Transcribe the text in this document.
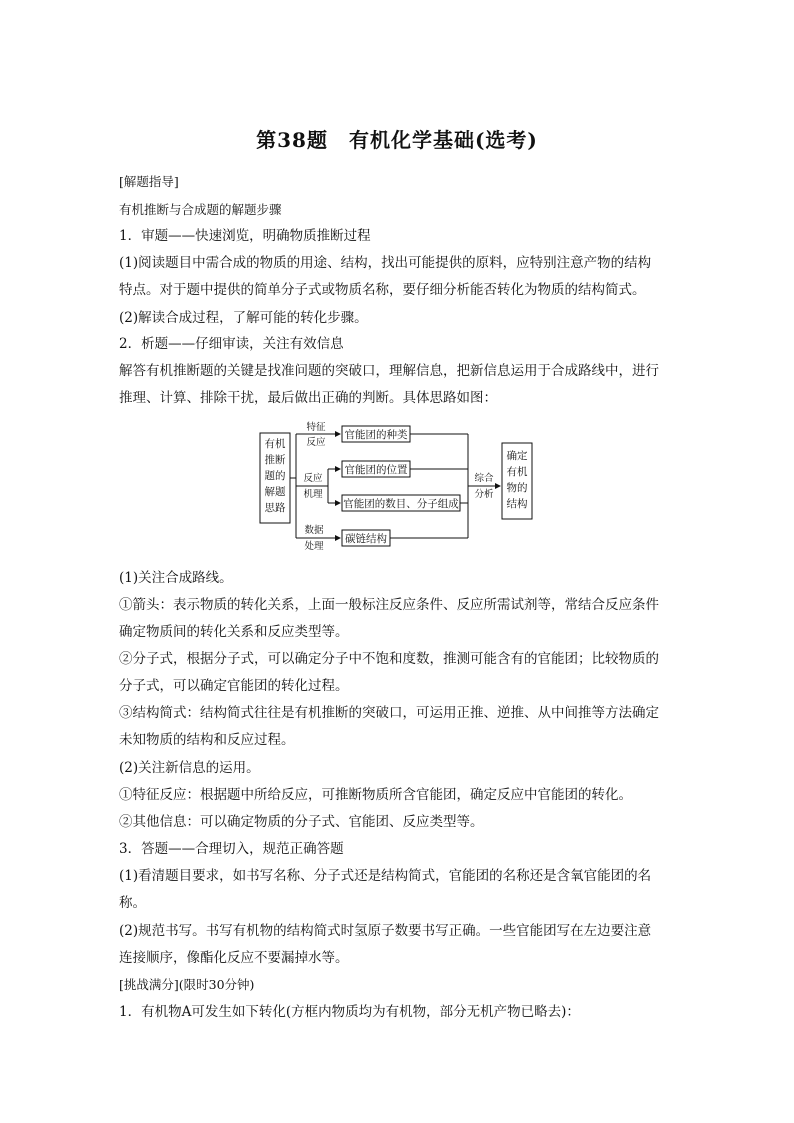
第38题　有机化学基础(选考)
[解题指导]
有机推断与合成题的解题步骤
1．审题——快速浏览，明确物质推断过程
(1)阅读题目中需合成的物质的用途、结构，找出可能提供的原料，应特别注意产物的结构
特点。对于题中提供的简单分子式或物质名称，要仔细分析能否转化为物质的结构简式。
(2)解读合成过程，了解可能的转化步骤。
2．析题——仔细审读，关注有效信息
解答有机推断题的关键是找准问题的突破口，理解信息，把新信息运用于合成路线中，进行
推理、计算、排除干扰，最后做出正确的判断。具体思路如图：
有机
推断
题的
解题
思路
特征
反应
官能团的种类
反应
机理
官能团的位置
官能团的数目、分子组成
数据
处理
碳链结构
综合
分析
确定
有机
物的
结构
(1)关注合成路线。
①箭头：表示物质的转化关系，上面一般标注反应条件、反应所需试剂等，常结合反应条件
确定物质间的转化关系和反应类型等。
②分子式，根据分子式，可以确定分子中不饱和度数，推测可能含有的官能团；比较物质的
分子式，可以确定官能团的转化过程。
③结构简式：结构简式往往是有机推断的突破口，可运用正推、逆推、从中间推等方法确定
未知物质的结构和反应过程。
(2)关注新信息的运用。
①特征反应：根据题中所给反应，可推断物质所含官能团，确定反应中官能团的转化。
②其他信息：可以确定物质的分子式、官能团、反应类型等。
3．答题——合理切入，规范正确答题
(1)看清题目要求，如书写名称、分子式还是结构简式，官能团的名称还是含氧官能团的名
称。
(2)规范书写。书写有机物的结构简式时氢原子数要书写正确。一些官能团写在左边要注意
连接顺序，像酯化反应不要漏掉水等。
[挑战满分](限时30分钟)
1．有机物A可发生如下转化(方框内物质均为有机物，部分无机产物已略去)：
